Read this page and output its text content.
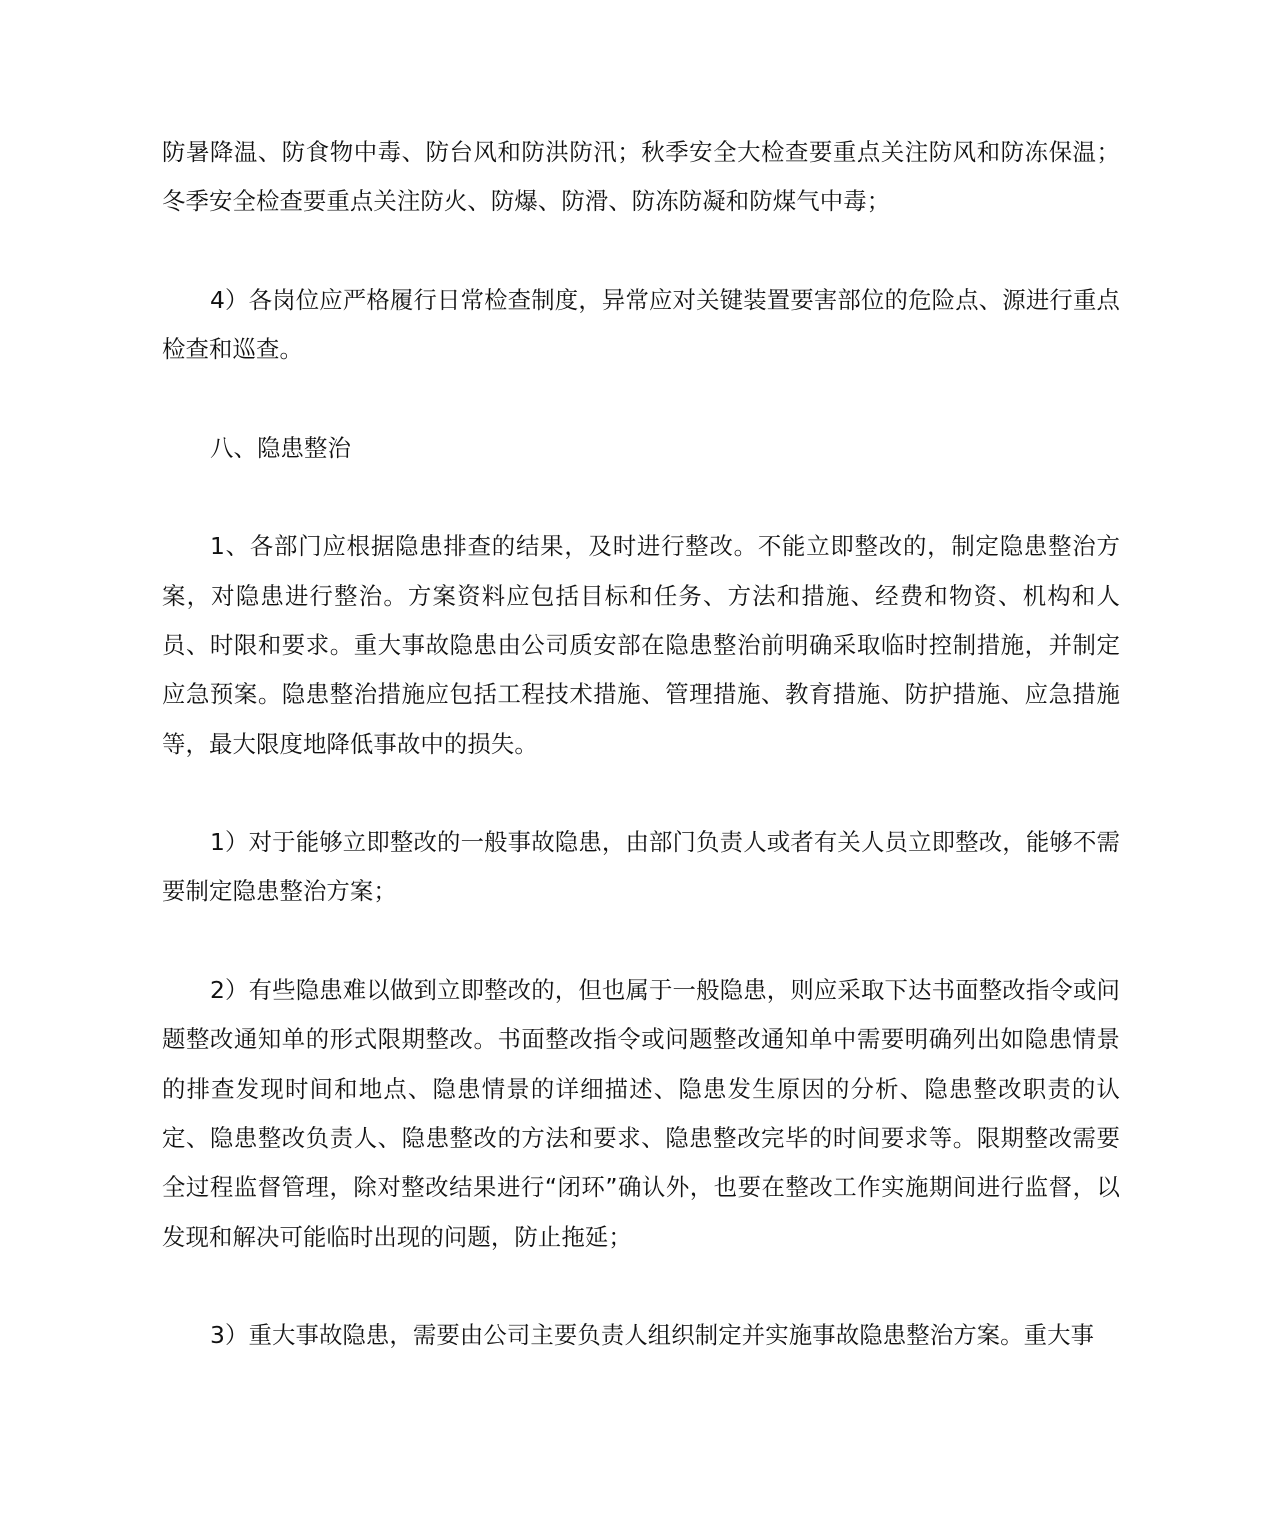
防暑降温、防食物中毒、防台风和防洪防汛；秋季安全大检查要重点关注防风和防冻保温；冬季安全检查要重点关注防火、防爆、防滑、防冻防凝和防煤气中毒；

4）各岗位应严格履行日常检查制度，异常应对关键装置要害部位的危险点、源进行重点检查和巡查。

八、隐患整治

1、各部门应根据隐患排查的结果，及时进行整改。不能立即整改的，制定隐患整治方案，对隐患进行整治。方案资料应包括目标和任务、方法和措施、经费和物资、机构和人员、时限和要求。重大事故隐患由公司质安部在隐患整治前明确采取临时控制措施，并制定应急预案。隐患整治措施应包括工程技术措施、管理措施、教育措施、防护措施、应急措施等，最大限度地降低事故中的损失。

1）对于能够立即整改的一般事故隐患，由部门负责人或者有关人员立即整改，能够不需要制定隐患整治方案；

2）有些隐患难以做到立即整改的，但也属于一般隐患，则应采取下达书面整改指令或问题整改通知单的形式限期整改。书面整改指令或问题整改通知单中需要明确列出如隐患情景的排查发现时间和地点、隐患情景的详细描述、隐患发生原因的分析、隐患整改职责的认定、隐患整改负责人、隐患整改的方法和要求、隐患整改完毕的时间要求等。限期整改需要全过程监督管理，除对整改结果进行“闭环”确认外，也要在整改工作实施期间进行监督，以发现和解决可能临时出现的问题，防止拖延；

3）重大事故隐患，需要由公司主要负责人组织制定并实施事故隐患整治方案。重大事
